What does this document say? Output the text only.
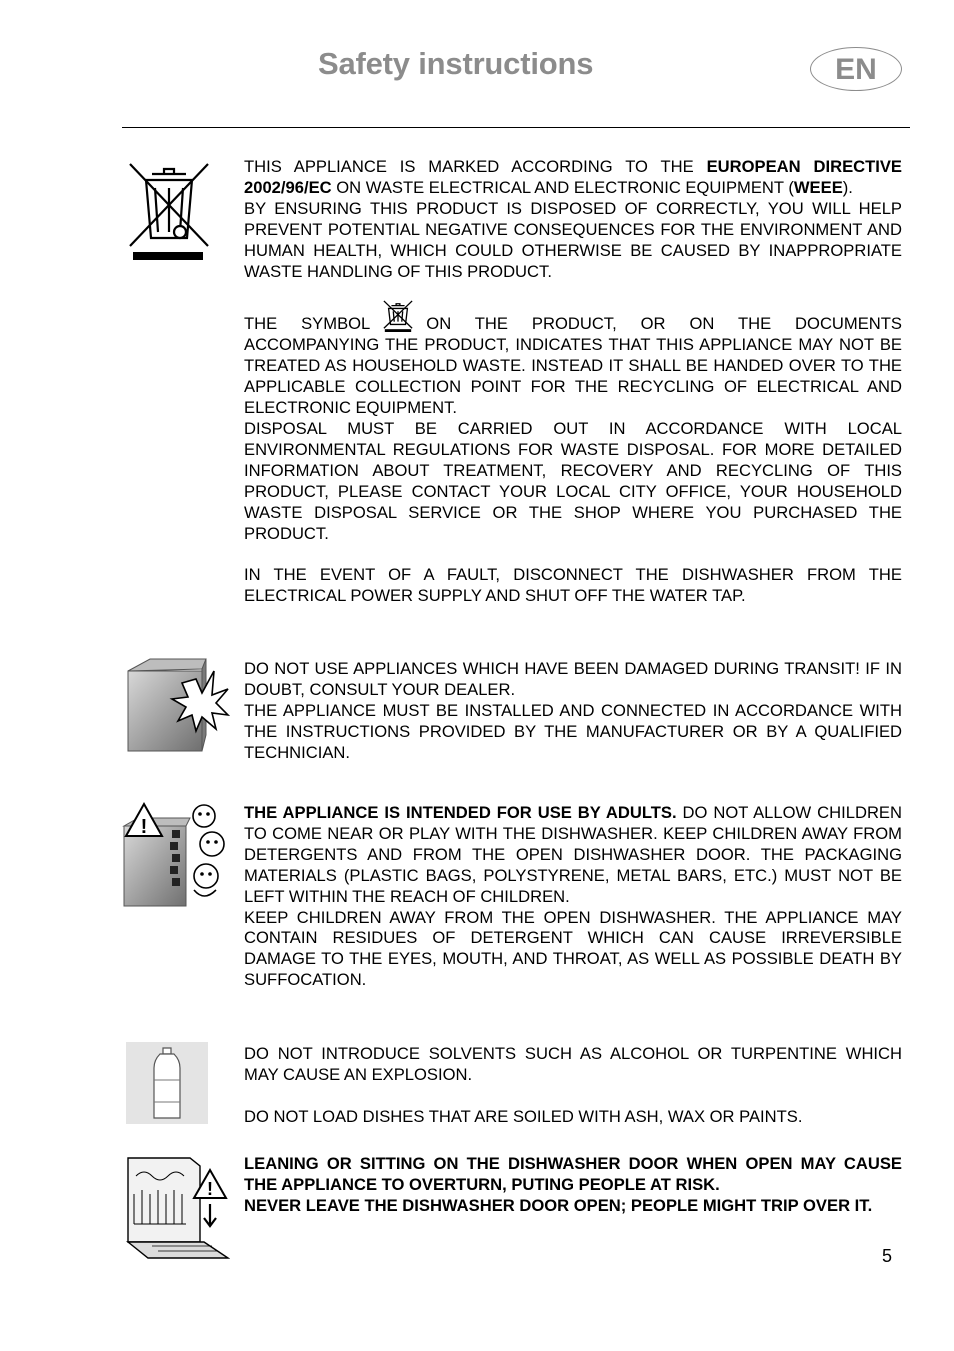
Safety instructions	EN

THIS APPLIANCE IS MARKED ACCORDING TO THE EUROPEAN DIRECTIVE 2002/96/EC ON WASTE ELECTRICAL AND ELECTRONIC EQUIPMENT (WEEE).

BY ENSURING THIS PRODUCT IS DISPOSED OF CORRECTLY, YOU WILL HELP PREVENT POTENTIAL NEGATIVE CONSEQUENCES FOR THE ENVIRONMENT AND HUMAN HEALTH, WHICH COULD OTHERWISE BE CAUSED BY INAPPROPRIATE WASTE HANDLING OF THIS PRODUCT.

THE SYMBOL	ON THE PRODUCT, OR ON THE DOCUMENTS ACCOMPANYING THE PRODUCT, INDICATES THAT THIS APPLIANCE MAY NOT BE TREATED AS HOUSEHOLD WASTE. INSTEAD IT SHALL BE HANDED OVER TO THE APPLICABLE COLLECTION POINT FOR THE RECYCLING OF ELECTRICAL AND ELECTRONIC EQUIPMENT.

DISPOSAL MUST BE CARRIED OUT IN ACCORDANCE WITH LOCAL ENVIRONMENTAL REGULATIONS FOR WASTE DISPOSAL. FOR MORE DETAILED INFORMATION ABOUT TREATMENT, RECOVERY AND RECYCLING OF THIS PRODUCT, PLEASE CONTACT YOUR LOCAL CITY OFFICE, YOUR HOUSEHOLD WASTE DISPOSAL SERVICE OR THE SHOP WHERE YOU PURCHASED THE PRODUCT.

IN THE EVENT OF A FAULT, DISCONNECT THE DISHWASHER FROM THE ELECTRICAL POWER SUPPLY AND SHUT OFF THE WATER TAP.

DO NOT USE APPLIANCES WHICH HAVE BEEN DAMAGED DURING TRANSIT! IF IN DOUBT, CONSULT YOUR DEALER.

THE APPLIANCE MUST BE INSTALLED AND CONNECTED IN ACCORDANCE WITH THE INSTRUCTIONS PROVIDED BY THE MANUFACTURER OR BY A QUALIFIED TECHNICIAN.

!

THE APPLIANCE IS INTENDED FOR USE BY ADULTS. DO NOT ALLOW CHILDREN TO COME NEAR OR PLAY WITH THE DISHWASHER. KEEP CHILDREN AWAY FROM DETERGENTS AND FROM THE OPEN DISHWASHER DOOR. THE PACKAGING MATERIALS (PLASTIC BAGS, POLYSTYRENE, METAL BARS, ETC.) MUST NOT BE LEFT WITHIN THE REACH OF CHILDREN.

KEEP CHILDREN AWAY FROM THE OPEN DISHWASHER. THE APPLIANCE MAY CONTAIN RESIDUES OF DETERGENT WHICH CAN CAUSE IRREVERSIBLE DAMAGE TO THE EYES, MOUTH, AND THROAT, AS WELL AS POSSIBLE DEATH BY SUFFOCATION.

DO NOT INTRODUCE SOLVENTS SUCH AS ALCOHOL OR TURPENTINE WHICH MAY CAUSE AN EXPLOSION.

DO NOT LOAD DISHES THAT ARE SOILED WITH ASH, WAX OR PAINTS.

!

LEANING OR SITTING ON THE DISHWASHER DOOR WHEN OPEN MAY CAUSE THE APPLIANCE TO OVERTURN, PUTING PEOPLE AT RISK.

NEVER LEAVE THE DISHWASHER DOOR OPEN; PEOPLE MIGHT TRIP OVER IT.

5
